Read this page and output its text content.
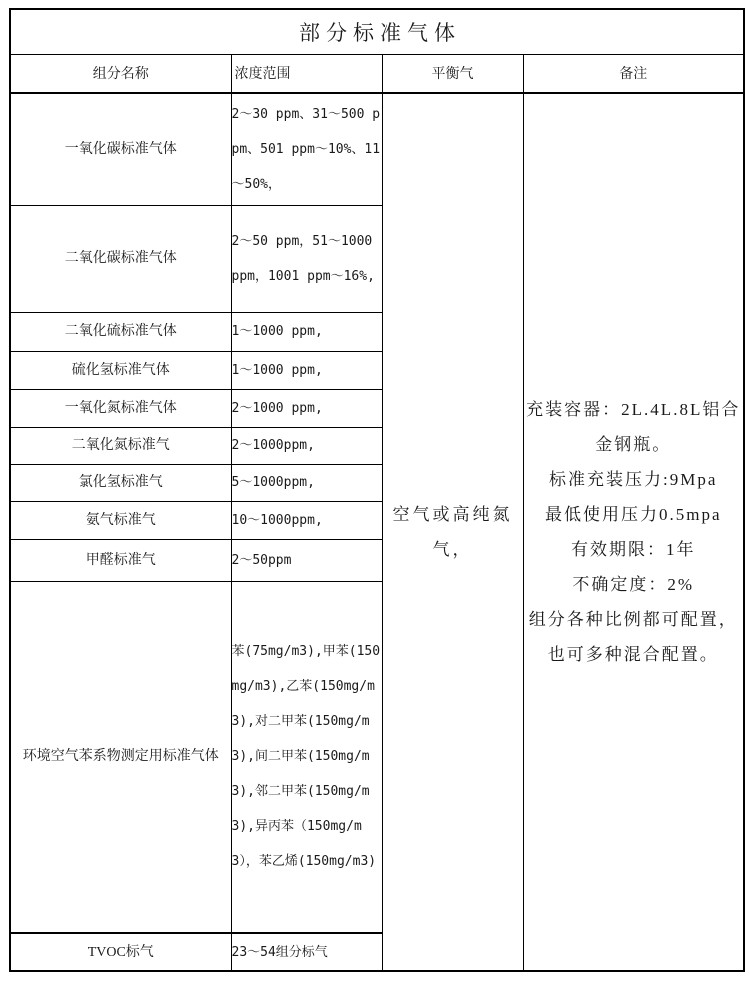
部分标准气体			
组分名称	浓度范围	平衡气	备注
一氧化碳标准气体	2～30 ppm、31～500 ppm、501 ppm～10%、11～50%，	空气或高纯氮气，	
充装容器：2L.4L.8L铝合金钢瓶。
标准充装压力:9Mpa
最低使用压力0.5mpa
有效期限：1年
不确定度：2%
组分各种比例都可配置，也可多种混合配置。

二氧化碳标准气体	2～50 ppm，51～1000 ppm，1001 ppm～16%,		
二氧化硫标准气体	1～1000 ppm,		
硫化氢标准气体	1～1000 ppm,		
一氧化氮标准气体	2～1000 ppm,		
二氧化氮标准气	2～1000ppm,		
氯化氢标准气	5～1000ppm,		
氨气标准气	10～1000ppm,		
甲醛标准气	2～50ppm		
环境空气苯系物测定用标准气体	苯(75mg/m3),甲苯(150mg/m3),乙苯(150mg/m3),对二甲苯(150mg/m3),间二甲苯(150mg/m3),邻二甲苯(150mg/m3),异丙苯（150mg/m3），苯乙烯(150mg/m3)		
TVOC标气	23～54组分标气		
